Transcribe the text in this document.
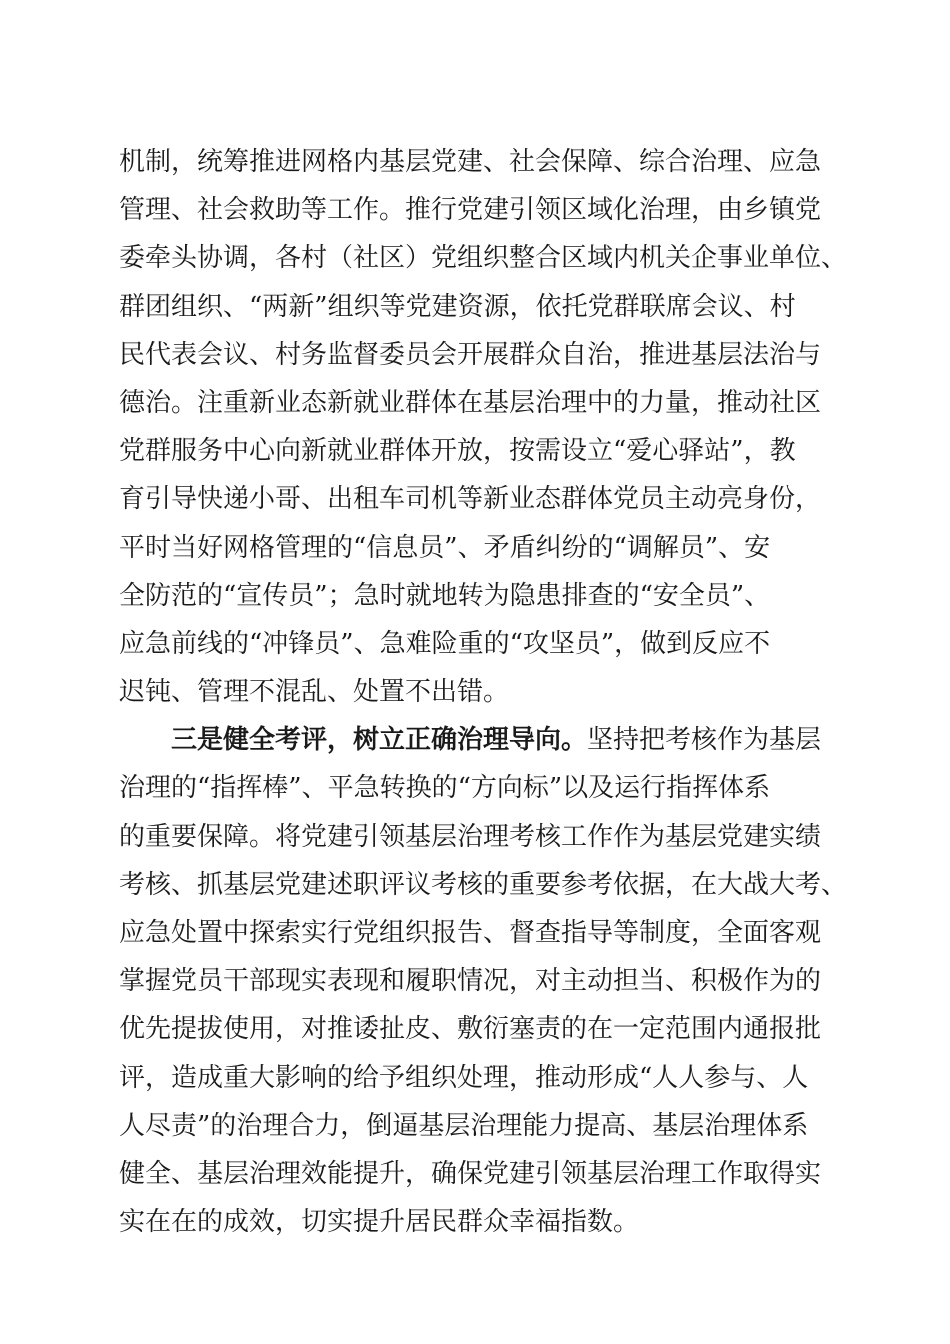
机制，统筹推进网格内基层党建、社会保障、综合治理、应急
管理、社会救助等工作。推行党建引领区域化治理，由乡镇党
委牵头协调，各村（社区）党组织整合区域内机关企事业单位、
群团组织、“两新”组织等党建资源，依托党群联席会议、村
民代表会议、村务监督委员会开展群众自治，推进基层法治与
德治。注重新业态新就业群体在基层治理中的力量，推动社区
党群服务中心向新就业群体开放，按需设立“爱心驿站”，教
育引导快递小哥、出租车司机等新业态群体党员主动亮身份，
平时当好网格管理的“信息员”、矛盾纠纷的“调解员”、安
全防范的“宣传员”；急时就地转为隐患排查的“安全员”、
应急前线的“冲锋员”、急难险重的“攻坚员”，做到反应不
迟钝、管理不混乱、处置不出错。
三是健全考评，树立正确治理导向。坚持把考核作为基层
治理的“指挥棒”、平急转换的“方向标”以及运行指挥体系
的重要保障。将党建引领基层治理考核工作作为基层党建实绩
考核、抓基层党建述职评议考核的重要参考依据，在大战大考、
应急处置中探索实行党组织报告、督查指导等制度，全面客观
掌握党员干部现实表现和履职情况，对主动担当、积极作为的
优先提拔使用，对推诿扯皮、敷衍塞责的在一定范围内通报批
评，造成重大影响的给予组织处理，推动形成“人人参与、人
人尽责”的治理合力，倒逼基层治理能力提高、基层治理体系
健全、基层治理效能提升，确保党建引领基层治理工作取得实
实在在的成效，切实提升居民群众幸福指数。
